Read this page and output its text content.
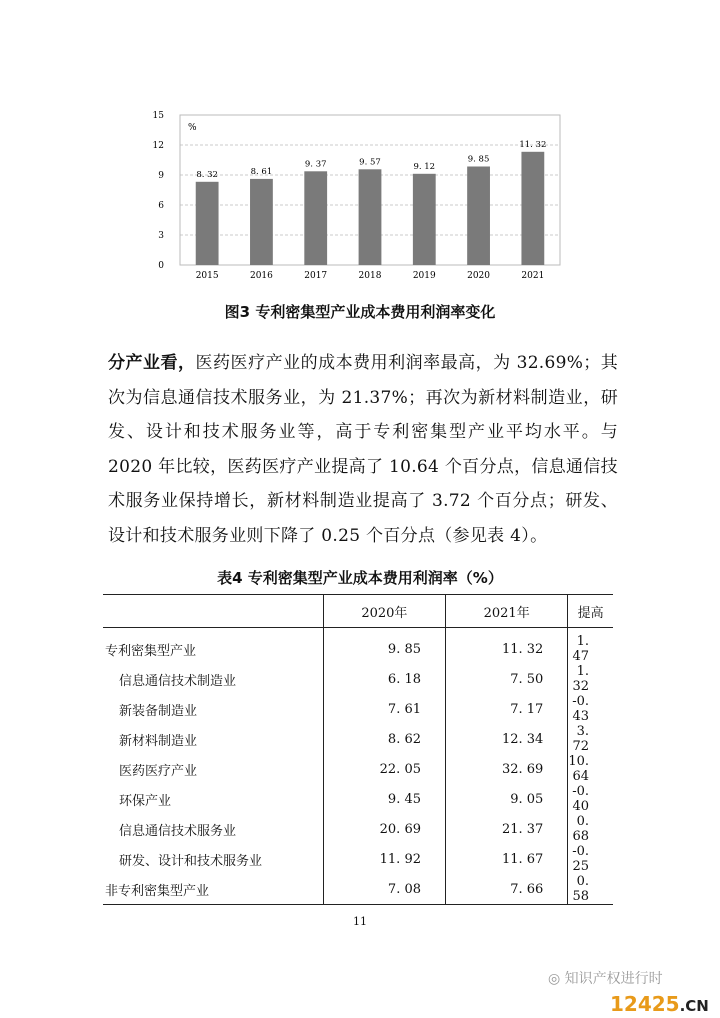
0
3
6
9
12
15
8. 32
2015
8. 61
2016
9. 37
2017
9. 57
2018
9. 12
2019
9. 85
2020
11. 32
2021
%
图3 专利密集型产业成本费用利润率变化

分产业看，医药医疗产业的成本费用利润率最高，为 32.69%；其次为信息通信技术服务业，为 21.37%；再次为新材料制造业，研发、设计和技术服务业等，高于专利密集型产业平均水平。与 2020 年比较，医药医疗产业提高了 10.64 个百分点，信息通信技术服务业保持增长，新材料制造业提高了 3.72 个百分点；研发、设计和技术服务业则下降了 0.25 个百分点（参见表 4）。

表4 专利密集型产业成本费用利润率（%）
	2020年	2021年	提高
专利密集型产业	9. 85	11. 32	1. 47
信息通信技术制造业	6. 18	7. 50	1. 32
新装备制造业	7. 61	7. 17	-0. 43
新材料制造业	8. 62	12. 34	3. 72
医药医疗产业	22. 05	32. 69	10. 64
环保产业	9. 45	9. 05	-0. 40
信息通信技术服务业	20. 69	21. 37	0. 68
研发、设计和技术服务业	11. 92	11. 67	-0. 25
非专利密集型产业	7. 08	7. 66	0. 58
11
◎ 知识产权进行时
12425.CN
